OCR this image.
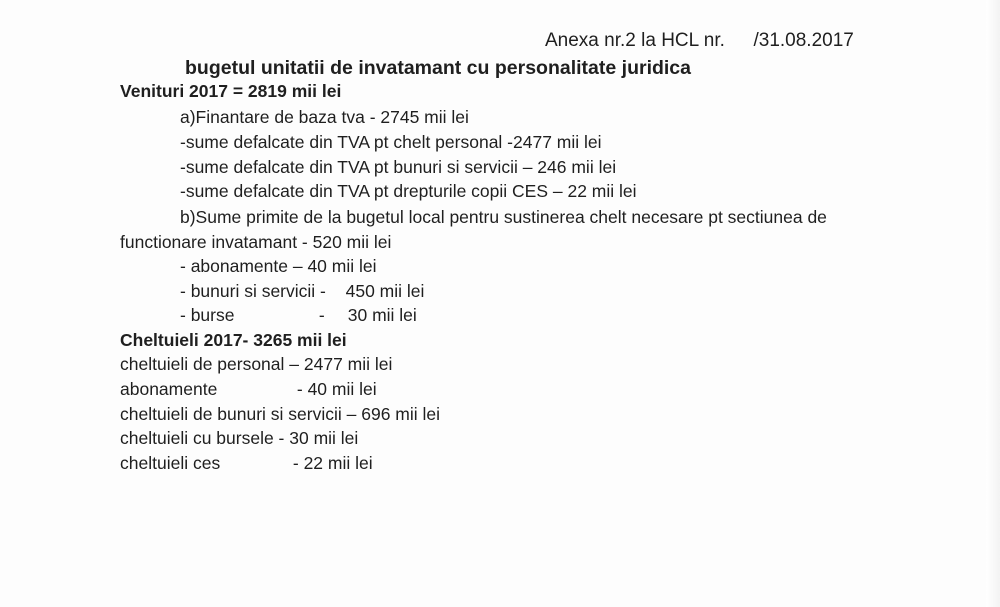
Anexa nr.2 la HCL nr. /31.08.2017
bugetul unitatii de invatamant cu personalitate juridica
Venituri 2017 = 2819 mii lei
a)Finantare de baza tva - 2745 mii lei
-sume defalcate din TVA pt chelt personal -2477 mii lei
-sume defalcate din TVA pt bunuri si servicii – 246 mii lei
-sume defalcate din TVA pt drepturile copii CES – 22 mii lei
b)Sume primite de la bugetul local pentru sustinerea chelt necesare pt sectiunea de
functionare invatamant - 520 mii lei
- abonamente – 40 mii lei
- bunuri si servicii - 450 mii lei
- burse	- 30 mii lei
Cheltuieli 2017- 3265 mii lei
cheltuieli de personal – 2477 mii lei
abonamente	- 40 mii lei
cheltuieli de bunuri si servicii – 696 mii lei
cheltuieli cu bursele - 30 mii lei
cheltuieli ces	- 22 mii lei
